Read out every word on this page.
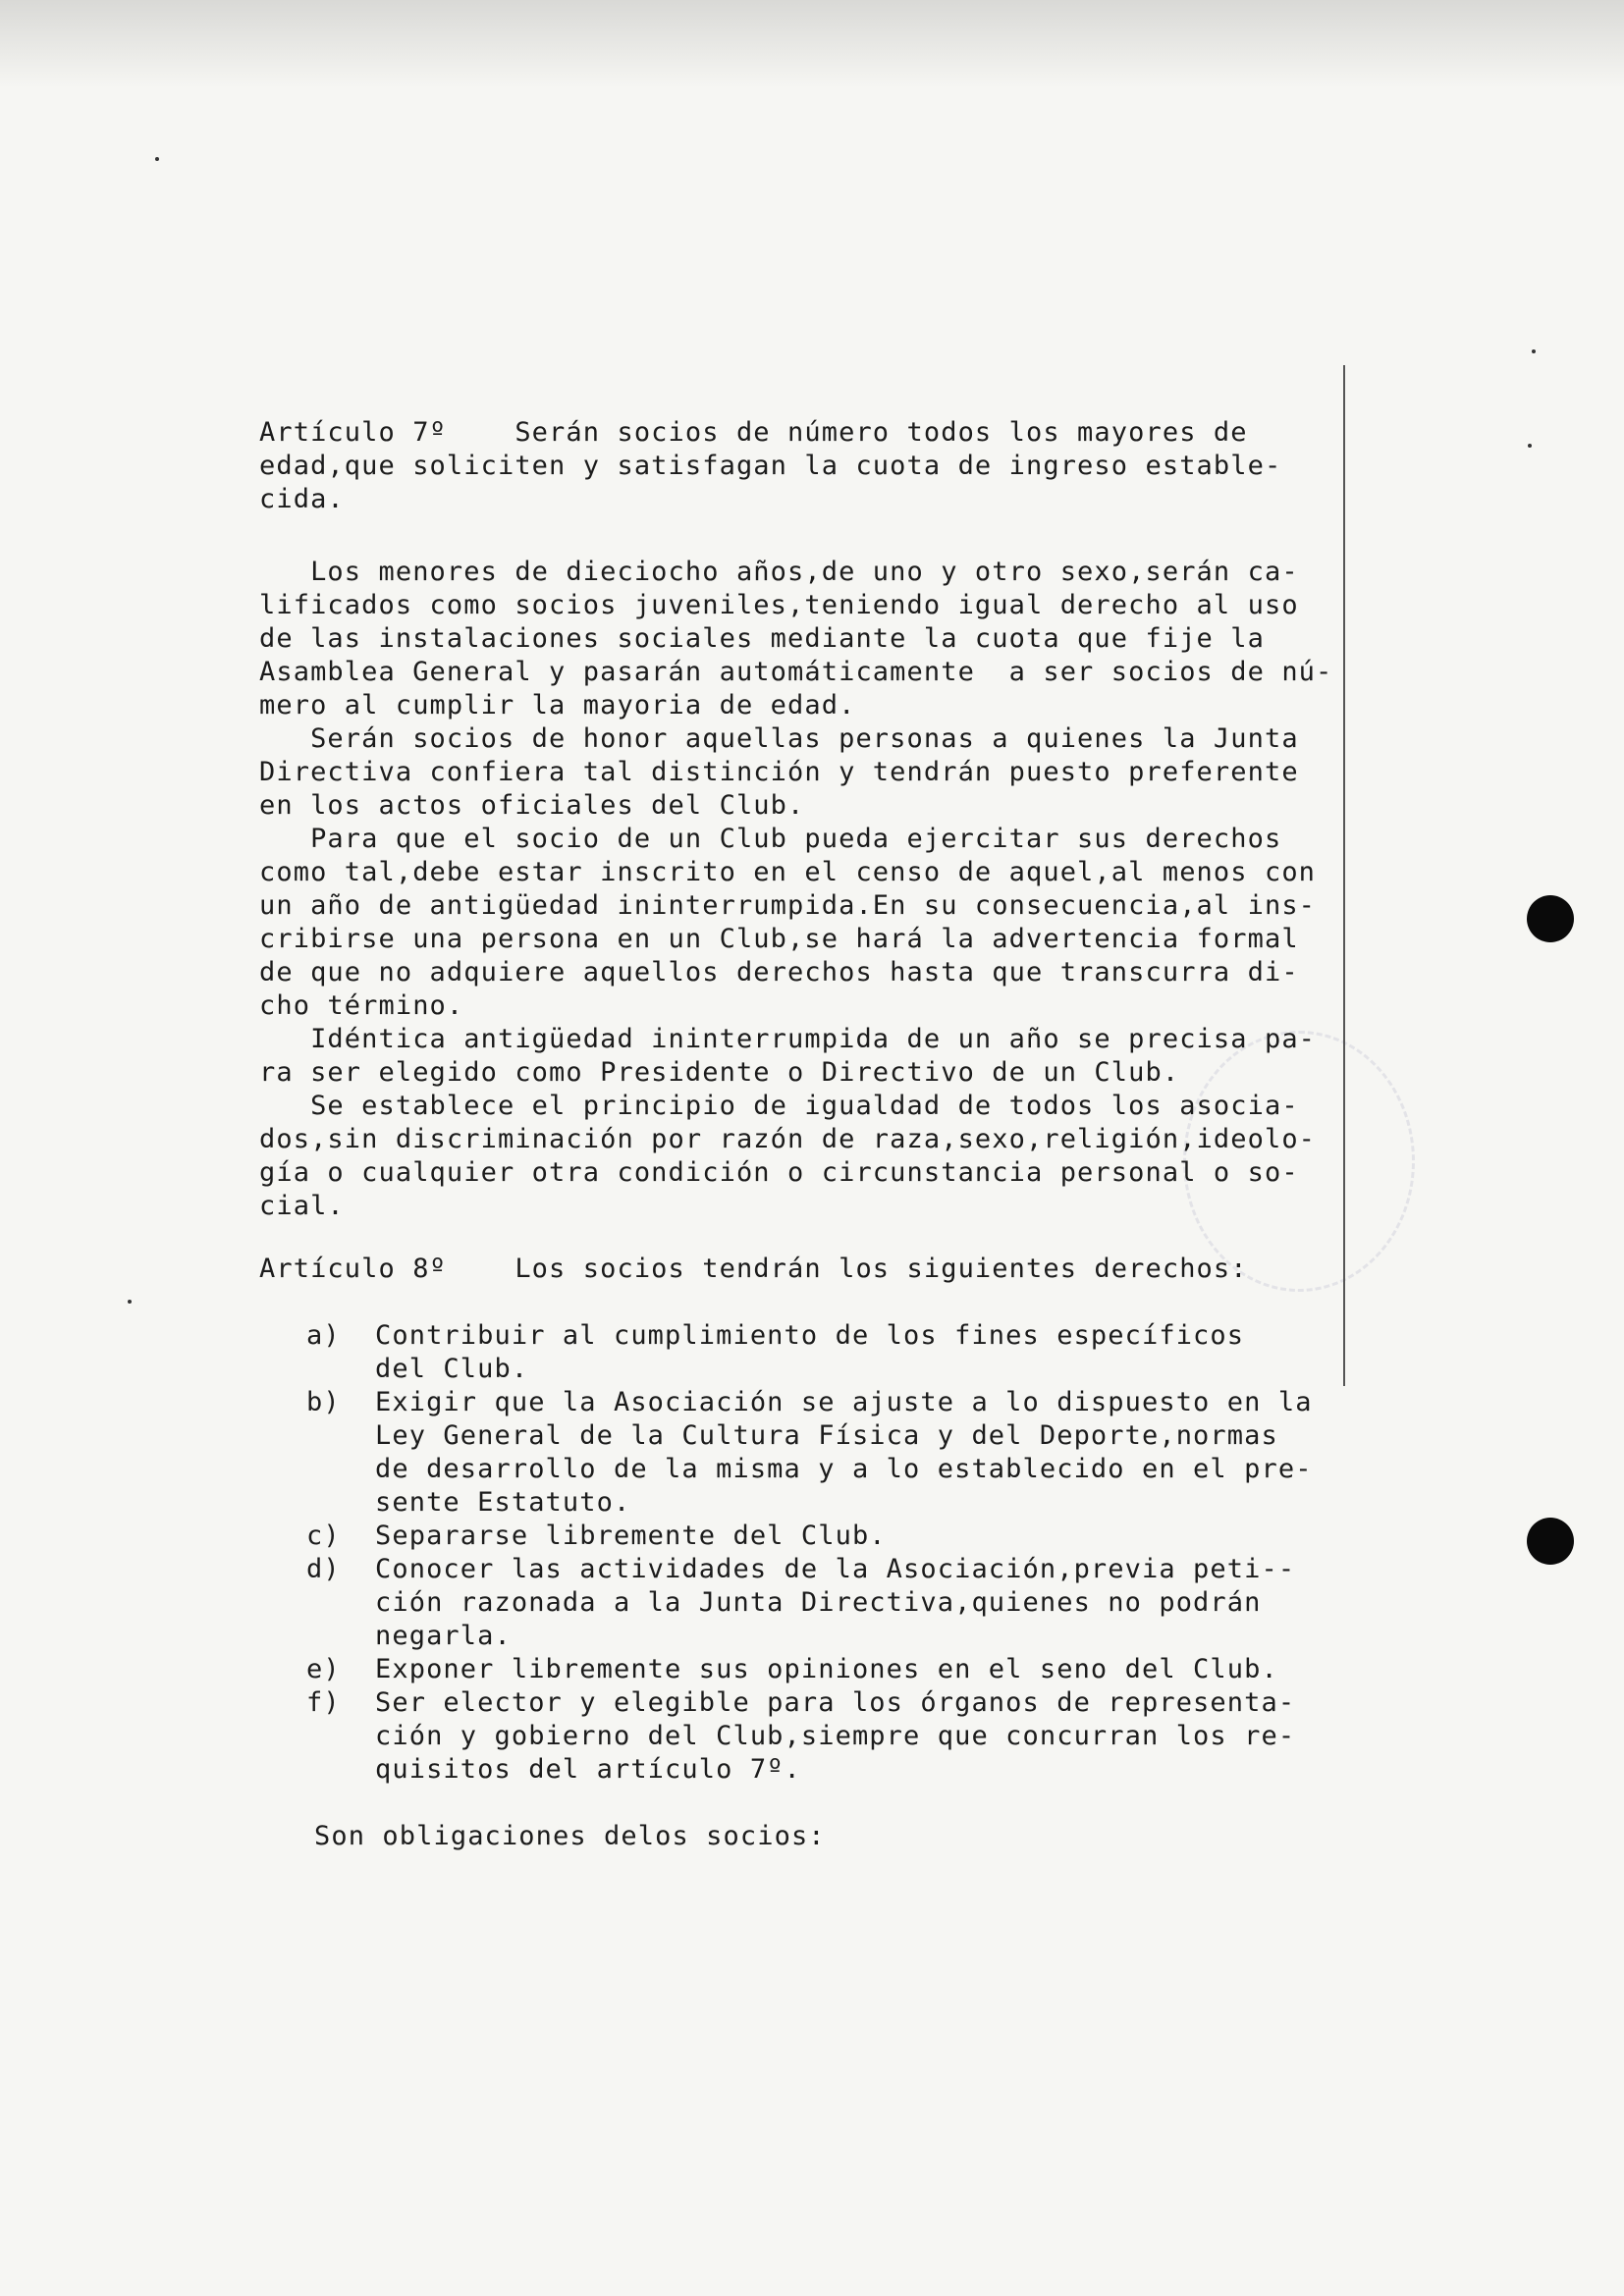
Artículo 7º    Serán socios de número todos los mayores de

edad,que soliciten y satisfagan la cuota de ingreso estable-

cida.

Los menores de dieciocho años,de uno y otro sexo,serán ca-

lificados como socios juveniles,teniendo igual derecho al uso

de las instalaciones sociales mediante la cuota que fije la

Asamblea General y pasarán automáticamente  a ser socios de nú-

mero al cumplir la mayoria de edad.

Serán socios de honor aquellas personas a quienes la Junta

Directiva confiera tal distinción y tendrán puesto preferente

en los actos oficiales del Club.

Para que el socio de un Club pueda ejercitar sus derechos

como tal,debe estar inscrito en el censo de aquel,al menos con

un año de antigüedad ininterrumpida.En su consecuencia,al ins-

cribirse una persona en un Club,se hará la advertencia formal

de que no adquiere aquellos derechos hasta que transcurra di-

cho término.

Idéntica antigüedad ininterrumpida de un año se precisa pa-

ra ser elegido como Presidente o Directivo de un Club.

Se establece el principio de igualdad de todos los asocia-

dos,sin discriminación por razón de raza,sexo,religión,ideolo-

gía o cualquier otra condición o circunstancia personal o so-

cial.

Artículo 8º    Los socios tendrán los siguientes derechos:

a)	Contribuir al cumplimiento de los fines específicos

del Club.

b)	Exigir que la Asociación se ajuste a lo dispuesto en la

Ley General de la Cultura Física y del Deporte,normas

de desarrollo de la misma y a lo establecido en el pre-

sente Estatuto.

c)	Separarse libremente del Club.

d)	Conocer las actividades de la Asociación,previa peti--

ción razonada a la Junta Directiva,quienes no podrán

negarla.

e)	Exponer libremente sus opiniones en el seno del Club.

f)	Ser elector y elegible para los órganos de representa-

ción y gobierno del Club,siempre que concurran los re-

quisitos del artículo 7º.

Son obligaciones delos socios:
